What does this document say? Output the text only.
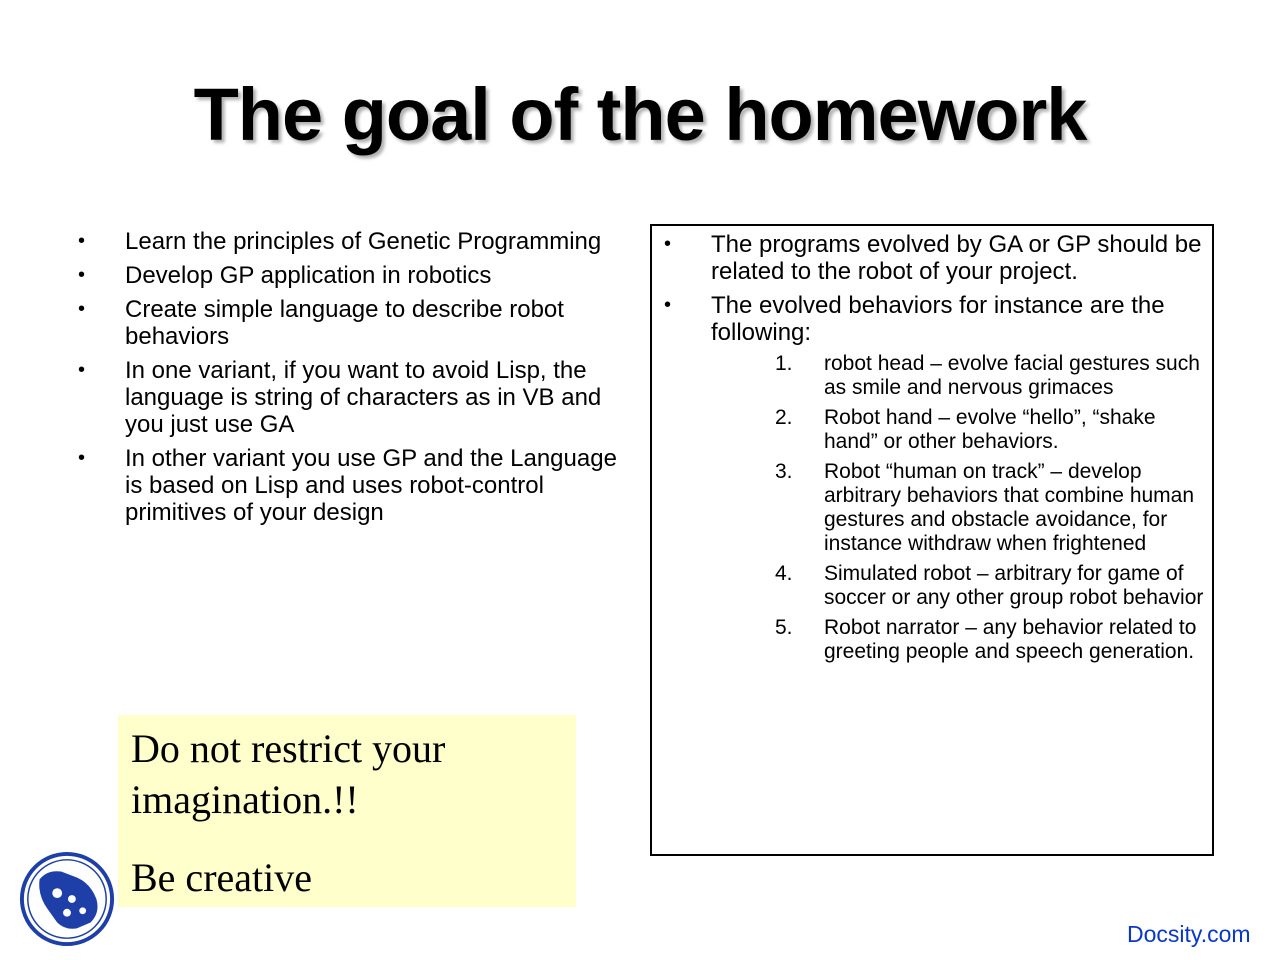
The goal of the homework
• Learn the principles of Genetic Programming
• Develop GP application in robotics
• Create simple language to describe robot behaviors
• In one variant, if you want to avoid Lisp, the language is string of characters as in VB and you just use GA
• In other variant you use GP and the Language is based on Lisp and uses robot-control primitives of your design
• The programs evolved by GA or GP should be related to the robot of your project.
• The evolved behaviors for instance are the following:
1. robot head – evolve facial gestures such as smile and nervous grimaces
2. Robot hand – evolve “hello”, “shake hand” or other behaviors.
3. Robot “human on track” – develop arbitrary behaviors that combine human gestures and obstacle avoidance, for instance withdraw when frightened
4. Simulated robot – arbitrary for game of soccer or any other group robot behavior
5. Robot narrator – any behavior related to greeting people and speech generation.

Do not restrict your imagination.!!

Be creative

Docsity.com
